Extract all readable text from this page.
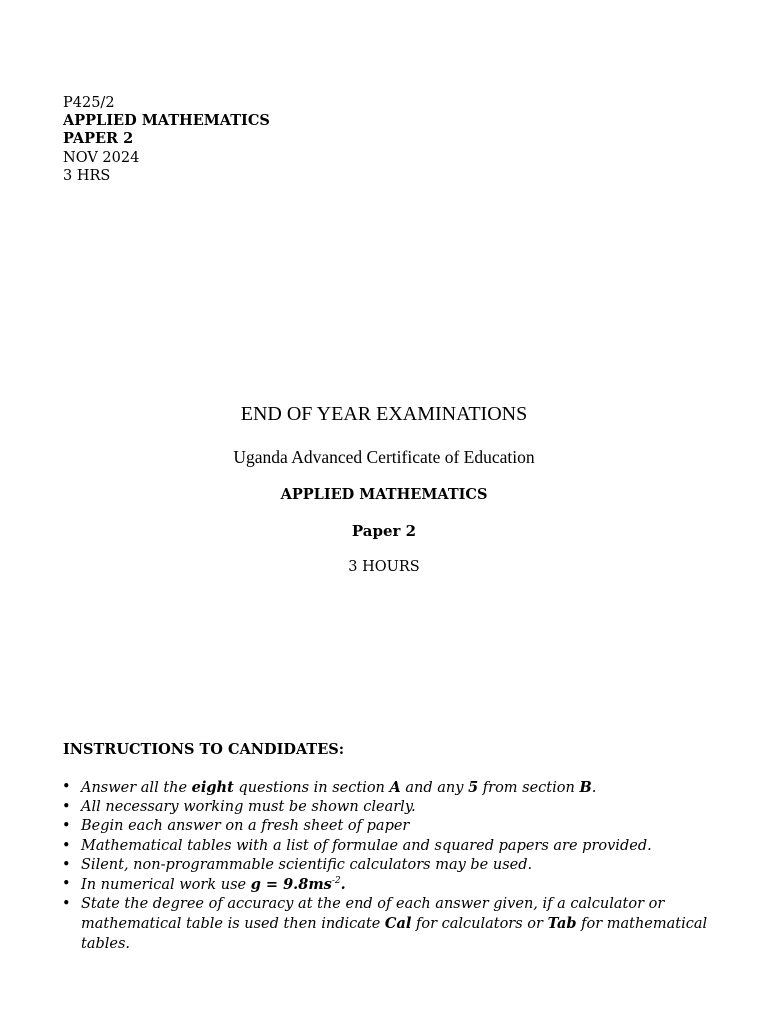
P425/2
APPLIED MATHEMATICS
PAPER 2
NOV 2024
3 HRS
END OF YEAR EXAMINATIONS
Uganda Advanced Certificate of Education
APPLIED MATHEMATICS
Paper 2
3 HOURS
INSTRUCTIONS TO CANDIDATES:
• Answer all the eight questions in section A and any 5 from section B.
• All necessary working must be shown clearly.
• Begin each answer on a fresh sheet of paper
• Mathematical tables with a list of formulae and squared papers are provided.
• Silent, non-programmable scientific calculators may be used.
• In numerical work use $g = 9.8ms^{-2}$.
• State the degree of accuracy at the end of each answer given, if a calculator or mathematical table is used then indicate Cal for calculators or Tab for mathematical tables.
